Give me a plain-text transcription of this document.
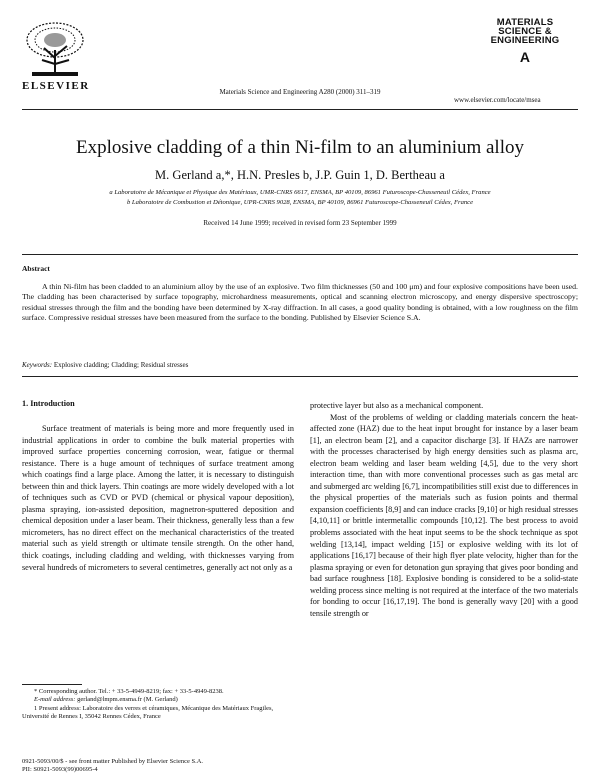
ELSEVIER	Materials Science and Engineering A280 (2000) 311–319
MATERIALS
SCIENCE &
ENGINEERING
A
www.elsevier.com/locate/msea
Explosive cladding of a thin Ni-film to an aluminium alloy
M. Gerland a,*, H.N. Presles b, J.P. Guin 1, D. Bertheau a
a Laboratoire de Mécanique et Physique des Matériaux, UMR-CNRS 6617, ENSMA, BP 40109, 86961 Futuroscope-Chasseneuil Cédex, France
b Laboratoire de Combustion et Détonique, UPR-CNRS 9028, ENSMA, BP 40109, 86961 Futuroscope-Chasseneuil Cédex, France
Received 14 June 1999; received in revised form 23 September 1999
Abstract
A thin Ni-film has been cladded to an aluminium alloy by the use of an explosive. Two film thicknesses (50 and 100 μm) and four explosive compositions have been used. The cladding has been characterised by surface topography, microhardness measurements, optical and scanning electron microscopy, and energy dispersive spectroscopy; residual stresses through the film and the bonding have been determined by X-ray diffraction. In all cases, a good quality bonding is obtained, with a low roughness on the film surface. Compressive residual stresses have been measured from the surface to the bonding. Published by Elsevier Science S.A.
Keywords: Explosive cladding; Cladding; Residual stresses
1. Introduction
Surface treatment of materials is being more and more frequently used in industrial applications in order to combine the bulk material properties with improved surface properties concerning corrosion, wear, fatigue or thermal resistance. There is a huge amount of techniques of surface treatment among which coatings find a large place. Among the latter, it is necessary to distinguish between thin and thick layers. Thin coatings are more widely developed with a lot of techniques such as CVD or PVD (chemical or physical vapour deposition), plasma spraying, ion-assisted deposition, magnetron-sputtered deposition and chemical deposition under a laser beam. Their thickness, generally less than a few micrometers, has no direct effect on the mechanical characteristics of the treated material such as yield strength or ultimate tensile strength. On the other hand, thick coatings, including cladding and welding, with thicknesses varying from several hundreds of micrometers to several centimetres, generally act not only as a
protective layer but also as a mechanical component.
Most of the problems of welding or cladding materials concern the heat-affected zone (HAZ) due to the heat input brought for instance by a laser beam [1], an electron beam [2], and a capacitor discharge [3]. If HAZs are narrower with the processes characterised by high energy densities such as plasma arc, electron beam welding and laser beam welding [4,5], due to the very short interaction time, than with more conventional processes such as gas metal arc and submerged arc welding [6,7], incompatibilities still exist due to differences in the physical properties of the materials such as fusion points and thermal expansion coefficients [8,9] and can induce cracks [9,10] or high residual stresses [4,10,11] or brittle intermetallic compounds [10,12]. The best process to avoid problems associated with the heat input seems to be the shock technique as spot welding [13,14], impact welding [15] or explosive welding with its lot of applications [16,17] because of their high flyer plate velocity, higher than for the plasma spraying or even for detonation gun spraying that gives poor bonding and bad surface roughness [18]. Explosive bonding is considered to be a solid-state welding process since melting is not required at the interface of the two materials for bonding to occur [16,17,19]. The bond is generally wavy [20] with a good tensile strength or
* Corresponding author. Tel.: + 33-5-4949-8219; fax: + 33-5-4949-8238.
E-mail address: gerland@lmpm.ensma.fr (M. Gerland)
1 Present address: Laboratoire des verres et céramiques, Mécanique des Matériaux Fragiles, Université de Rennes I, 35042 Rennes Cédex, France
0921-5093/00/$ - see front matter Published by Elsevier Science S.A.
PII: S0921-5093(99)00695-4
